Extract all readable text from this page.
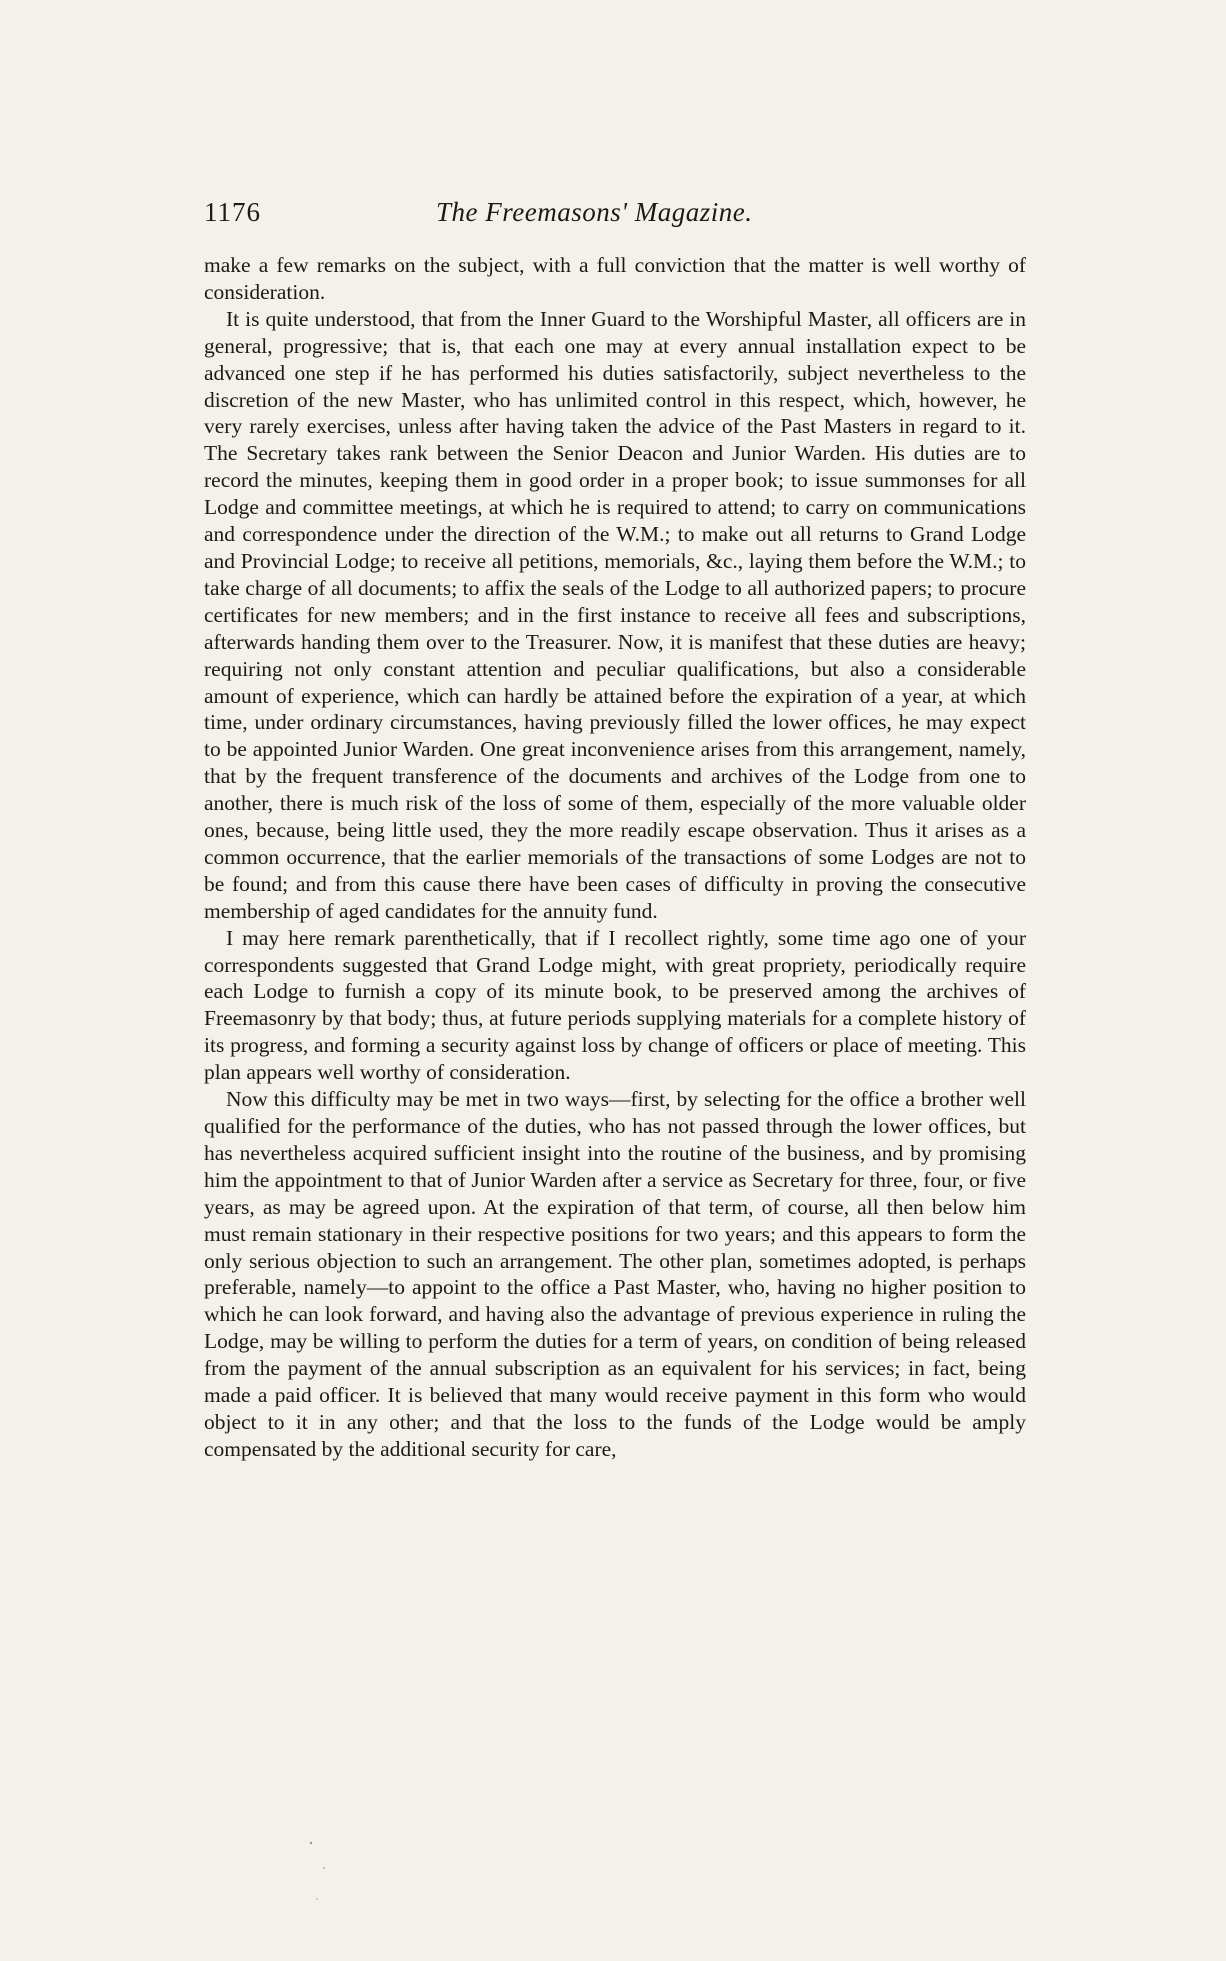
1176	The Freemasons' Magazine.

make a few remarks on the subject, with a full conviction that the matter is well worthy of consideration.

It is quite understood, that from the Inner Guard to the Worshipful Master, all officers are in general, progressive; that is, that each one may at every annual installation expect to be advanced one step if he has performed his duties satisfactorily, subject nevertheless to the discretion of the new Master, who has unlimited control in this respect, which, however, he very rarely exercises, unless after having taken the advice of the Past Masters in regard to it. The Secretary takes rank between the Senior Deacon and Junior Warden. His duties are to record the minutes, keeping them in good order in a proper book; to issue summonses for all Lodge and committee meetings, at which he is required to attend; to carry on communications and correspondence under the direction of the W.M.; to make out all returns to Grand Lodge and Provincial Lodge; to receive all petitions, memorials, &c., laying them before the W.M.; to take charge of all documents; to affix the seals of the Lodge to all authorized papers; to procure certificates for new members; and in the first instance to receive all fees and subscriptions, afterwards handing them over to the Treasurer. Now, it is manifest that these duties are heavy; requiring not only constant attention and peculiar qualifications, but also a considerable amount of experience, which can hardly be attained before the expiration of a year, at which time, under ordinary circumstances, having previously filled the lower offices, he may expect to be appointed Junior Warden. One great inconvenience arises from this arrangement, namely, that by the frequent transference of the documents and archives of the Lodge from one to another, there is much risk of the loss of some of them, especially of the more valuable older ones, because, being little used, they the more readily escape observation. Thus it arises as a common occurrence, that the earlier memorials of the transactions of some Lodges are not to be found; and from this cause there have been cases of difficulty in proving the consecutive membership of aged candidates for the annuity fund.

I may here remark parenthetically, that if I recollect rightly, some time ago one of your correspondents suggested that Grand Lodge might, with great propriety, periodically require each Lodge to furnish a copy of its minute book, to be preserved among the archives of Freemasonry by that body; thus, at future periods supplying materials for a complete history of its progress, and forming a security against loss by change of officers or place of meeting. This plan appears well worthy of consideration.

Now this difficulty may be met in two ways—first, by selecting for the office a brother well qualified for the performance of the duties, who has not passed through the lower offices, but has nevertheless acquired sufficient insight into the routine of the business, and by promising him the appointment to that of Junior Warden after a service as Secretary for three, four, or five years, as may be agreed upon. At the expiration of that term, of course, all then below him must remain stationary in their respective positions for two years; and this appears to form the only serious objection to such an arrangement. The other plan, sometimes adopted, is perhaps preferable, namely—to appoint to the office a Past Master, who, having no higher position to which he can look forward, and having also the advantage of previous experience in ruling the Lodge, may be willing to perform the duties for a term of years, on condition of being released from the payment of the annual subscription as an equivalent for his services; in fact, being made a paid officer. It is believed that many would receive payment in this form who would object to it in any other; and that the loss to the funds of the Lodge would be amply compensated by the additional security for care,
